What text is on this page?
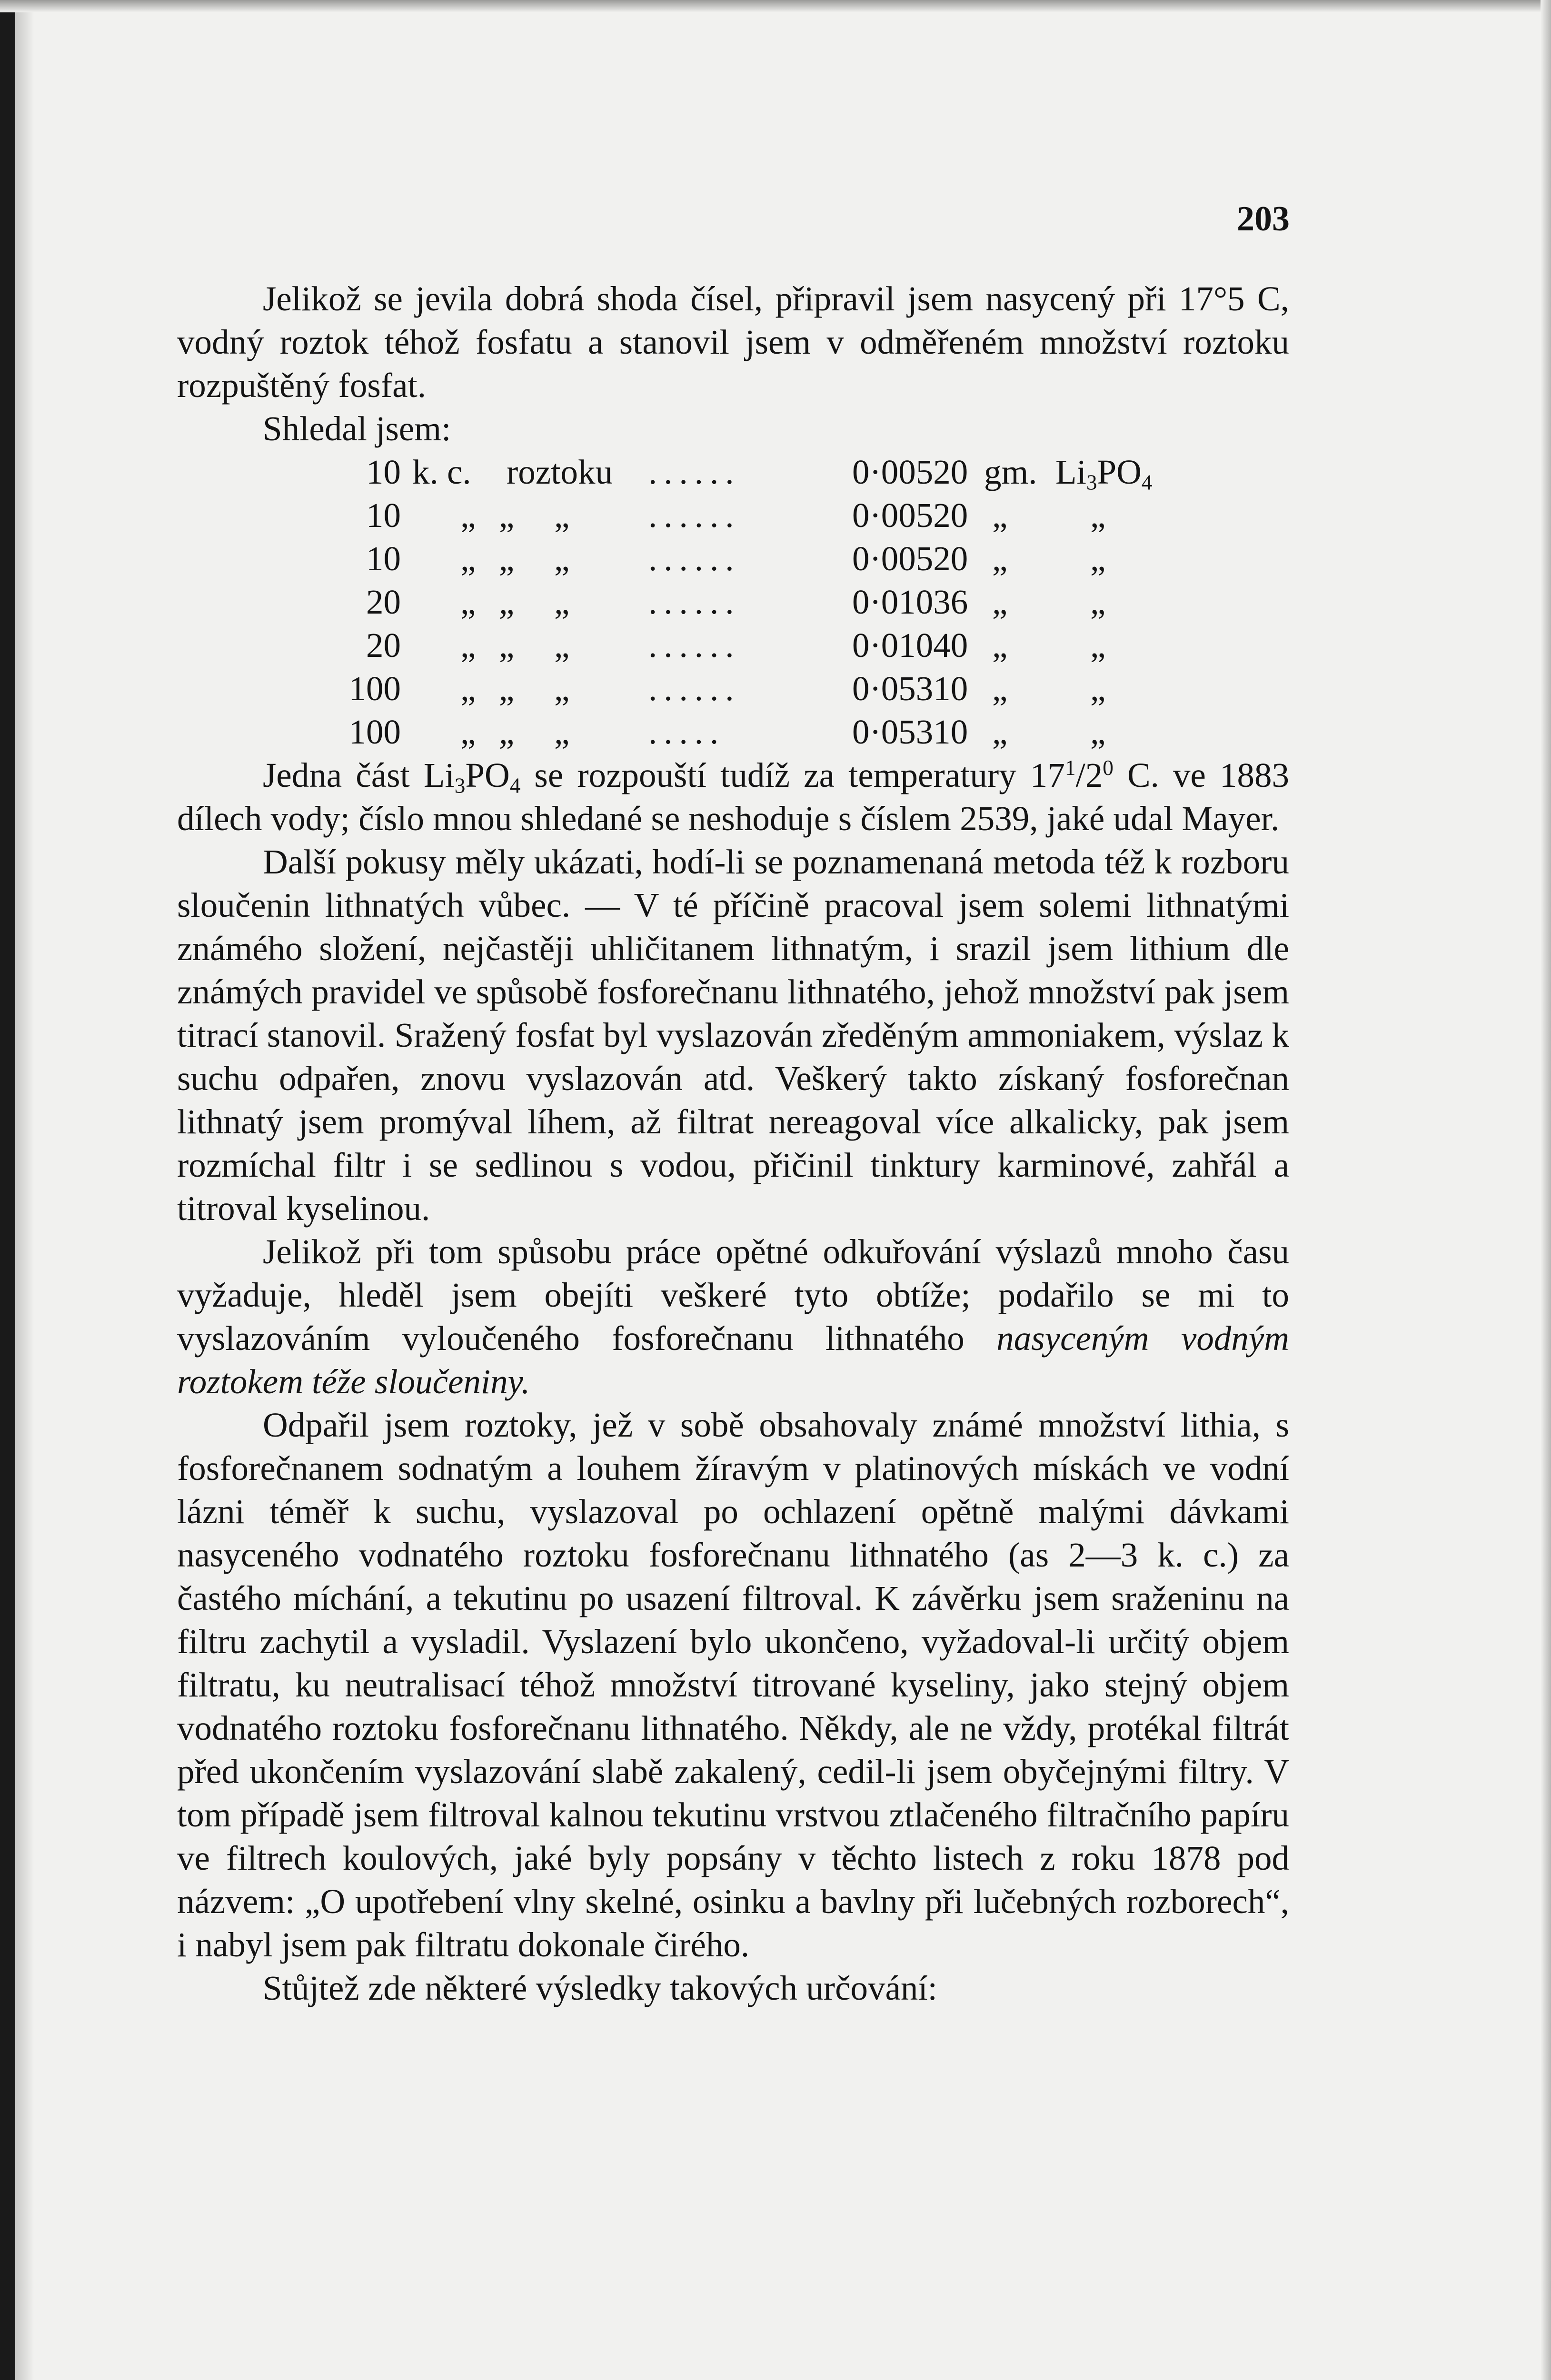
203

Jelikož se jevila dobrá shoda čísel, připravil jsem nasycený při 17°5 C, vodný roztok téhož fosfatu a stanovil jsem v odměřeném množství roztoku rozpuštěný fosfat.

Shledal jsem:

10 k. c. roztoku ......	0·00520 gm. $Li_3PO_4$
10 „ „ „ ......	0·00520 „ „
10 „ „ „ ......	0·00520 „ „
20 „ „ „ ......	0·01036 „ „
20 „ „ „ ......	0·01040 „ „
100 „ „ „ ......	0·05310 „ „
100 „ „ „ .....	0·05310 „ „

Jedna část $Li_3PO_4$ se rozpouští tudíž za temperatury $17^1/2^0$ C. ve 1883 dílech vody; číslo mnou shledané se neshoduje s číslem 2539, jaké udal Mayer.

Další pokusy měly ukázati, hodí-li se poznamenaná metoda též k rozboru sloučenin lithnatých vůbec. — V té příčině pracoval jsem solemi lithnatými známého složení, nejčastěji uhličitanem lithnatým, i srazil jsem lithium dle známých pravidel ve spůsobě fosforečnanu lithnatého, jehož množství pak jsem titrací stanovil. Sražený fosfat byl vyslazován zředěným ammoniakem, výslaz k suchu odpařen, znovu vyslazován atd. Veškerý takto získaný fosforečnan lithnatý jsem promýval líhem, až filtrat nereagoval více alkalicky, pak jsem rozmíchal filtr i se sedlinou s vodou, přičinil tinktury karminové, zahřál a titroval kyselinou.

Jelikož při tom spůsobu práce opětné odkuřování výslazů mnoho času vyžaduje, hleděl jsem obejíti veškeré tyto obtíže; podařilo se mi to vyslazováním vyloučeného fosforečnanu lithnatého nasyceným vodným roztokem téže sloučeniny.

Odpařil jsem roztoky, jež v sobě obsahovaly známé množství lithia, s fosforečnanem sodnatým a louhem žíravým v platinových mískách ve vodní lázni téměř k suchu, vyslazoval po ochlazení opětně malými dávkami nasyceného vodnatého roztoku fosforečnanu lithnatého (as 2—3 k. c.) za častého míchání, a tekutinu po usazení filtroval. K závěrku jsem sraženinu na filtru zachytil a vysladil. Vyslazení bylo ukončeno, vyžadoval-li určitý objem filtratu, ku neutralisací téhož množství titrované kyseliny, jako stejný objem vodnatého roztoku fosforečnanu lithnatého. Někdy, ale ne vždy, protékal filtrát před ukončením vyslazování slabě zakalený, cedil-li jsem obyčejnými filtry. V tom případě jsem filtroval kalnou tekutinu vrstvou ztlačeného filtračního papíru ve filtrech koulových, jaké byly popsány v těchto listech z roku 1878 pod názvem: „O upotřebení vlny skelné, osinku a bavlny při lučebných rozborech“, i nabyl jsem pak filtratu dokonale čirého.

Stůjtež zde některé výsledky takových určování:
